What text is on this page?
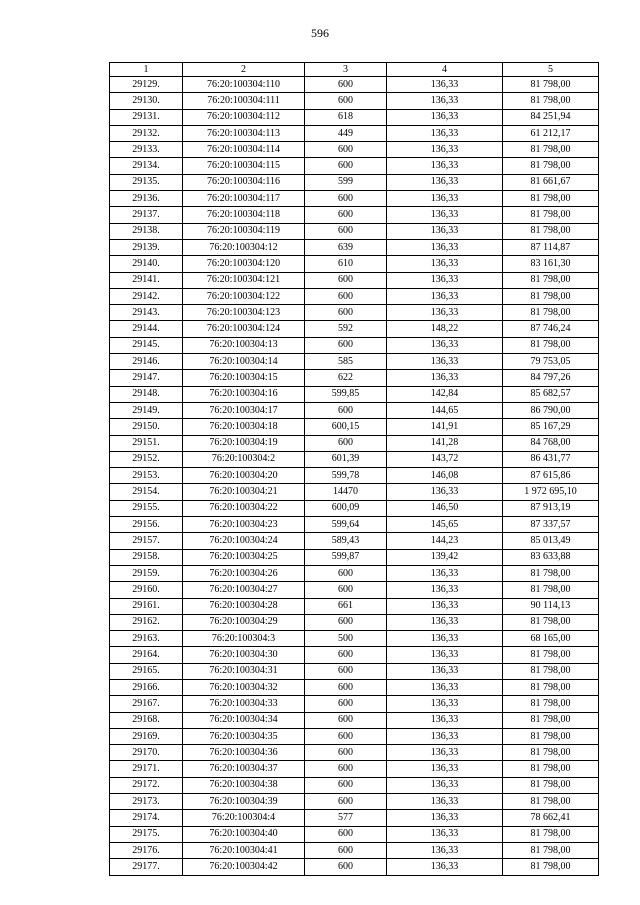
596
1	2	3	4	5
29129.	76:20:100304:110	600	136,33	81 798,00
29130.	76:20:100304:111	600	136,33	81 798,00
29131.	76:20:100304:112	618	136,33	84 251,94
29132.	76:20:100304:113	449	136,33	61 212,17
29133.	76:20:100304:114	600	136,33	81 798,00
29134.	76:20:100304:115	600	136,33	81 798,00
29135.	76:20:100304:116	599	136,33	81 661,67
29136.	76:20:100304:117	600	136,33	81 798,00
29137.	76:20:100304:118	600	136,33	81 798,00
29138.	76:20:100304:119	600	136,33	81 798,00
29139.	76:20:100304:12	639	136,33	87 114,87
29140.	76:20:100304:120	610	136,33	83 161,30
29141.	76:20:100304:121	600	136,33	81 798,00
29142.	76:20:100304:122	600	136,33	81 798,00
29143.	76:20:100304:123	600	136,33	81 798,00
29144.	76:20:100304:124	592	148,22	87 746,24
29145.	76:20:100304:13	600	136,33	81 798,00
29146.	76:20:100304:14	585	136,33	79 753,05
29147.	76:20:100304:15	622	136,33	84 797,26
29148.	76:20:100304:16	599,85	142,84	85 682,57
29149.	76:20:100304:17	600	144,65	86 790,00
29150.	76:20:100304:18	600,15	141,91	85 167,29
29151.	76:20:100304:19	600	141,28	84 768,00
29152.	76:20:100304:2	601,39	143,72	86 431,77
29153.	76:20:100304:20	599,78	146,08	87 615,86
29154.	76:20:100304:21	14470	136,33	1 972 695,10
29155.	76:20:100304:22	600,09	146,50	87 913,19
29156.	76:20:100304:23	599,64	145,65	87 337,57
29157.	76:20:100304:24	589,43	144,23	85 013,49
29158.	76:20:100304:25	599,87	139,42	83 633,88
29159.	76:20:100304:26	600	136,33	81 798,00
29160.	76:20:100304:27	600	136,33	81 798,00
29161.	76:20:100304:28	661	136,33	90 114,13
29162.	76:20:100304:29	600	136,33	81 798,00
29163.	76:20:100304:3	500	136,33	68 165,00
29164.	76:20:100304:30	600	136,33	81 798,00
29165.	76:20:100304:31	600	136,33	81 798,00
29166.	76:20:100304:32	600	136,33	81 798,00
29167.	76:20:100304:33	600	136,33	81 798,00
29168.	76:20:100304:34	600	136,33	81 798,00
29169.	76:20:100304:35	600	136,33	81 798,00
29170.	76:20:100304:36	600	136,33	81 798,00
29171.	76:20:100304:37	600	136,33	81 798,00
29172.	76:20:100304:38	600	136,33	81 798,00
29173.	76:20:100304:39	600	136,33	81 798,00
29174.	76:20:100304:4	577	136,33	78 662,41
29175.	76:20:100304:40	600	136,33	81 798,00
29176.	76:20:100304:41	600	136,33	81 798,00
29177.	76:20:100304:42	600	136,33	81 798,00
